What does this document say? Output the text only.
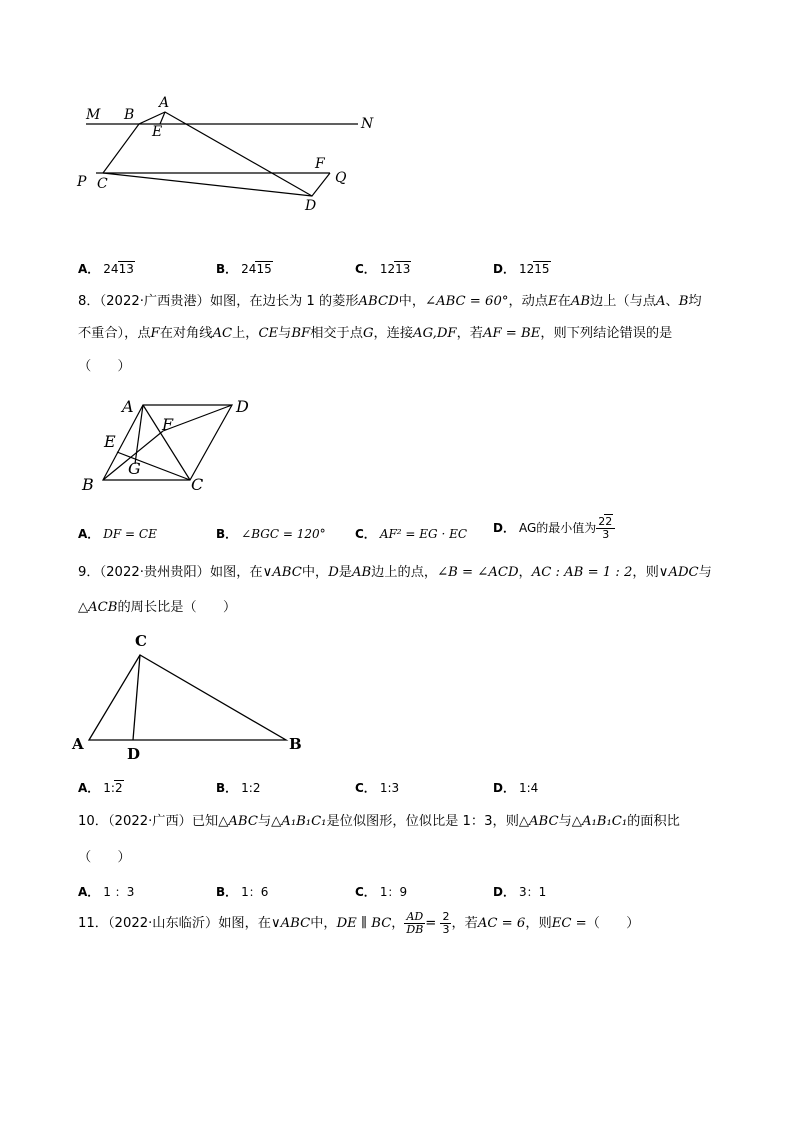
M B
A
E	N
F
Q
P C
D
A． 2413	B． 2415	C． 1213	D． 1215
8．（2022·广西贵港）如图，在边长为 1 的菱形ABCD中，∠ABC = 60°，动点E在AB边上（与点A、B均
不重合），点F在对角线AC上，CE与BF相交于点G，连接AG,DF，若AF = BE，则下列结论错误的是
（　　）
A	D
E
F
G
B	C
A． DF = CE	B． ∠BGC = 120° C． AF² = EG · EC D． AG的最小值为 $\frac{22}{3}$
9．（2022·贵州贵阳）如图，在∨ABC中，D是AB边上的点，∠B = ∠ACD，AC : AB = 1 : 2，则∨ADC与
△ACB的周长比是（　　）
C
A
D
B
A． 1:2	B． 1:2	C． 1:3	D． 1:4
10．（2022·广西）已知△ABC与△A₁B₁C₁是位似图形，位似比是 1：3，则△ABC与△A₁B₁C₁的面积比
（　　）
A． 1 ：3	B． 1：6	C． 1：9	D． 3：1
11．（2022·山东临沂）如图，在∨ABC中，DE ∥ BC， $\frac{AD}{DB} = \frac{2}{3}$ ，若AC = 6，则EC =（　　）
